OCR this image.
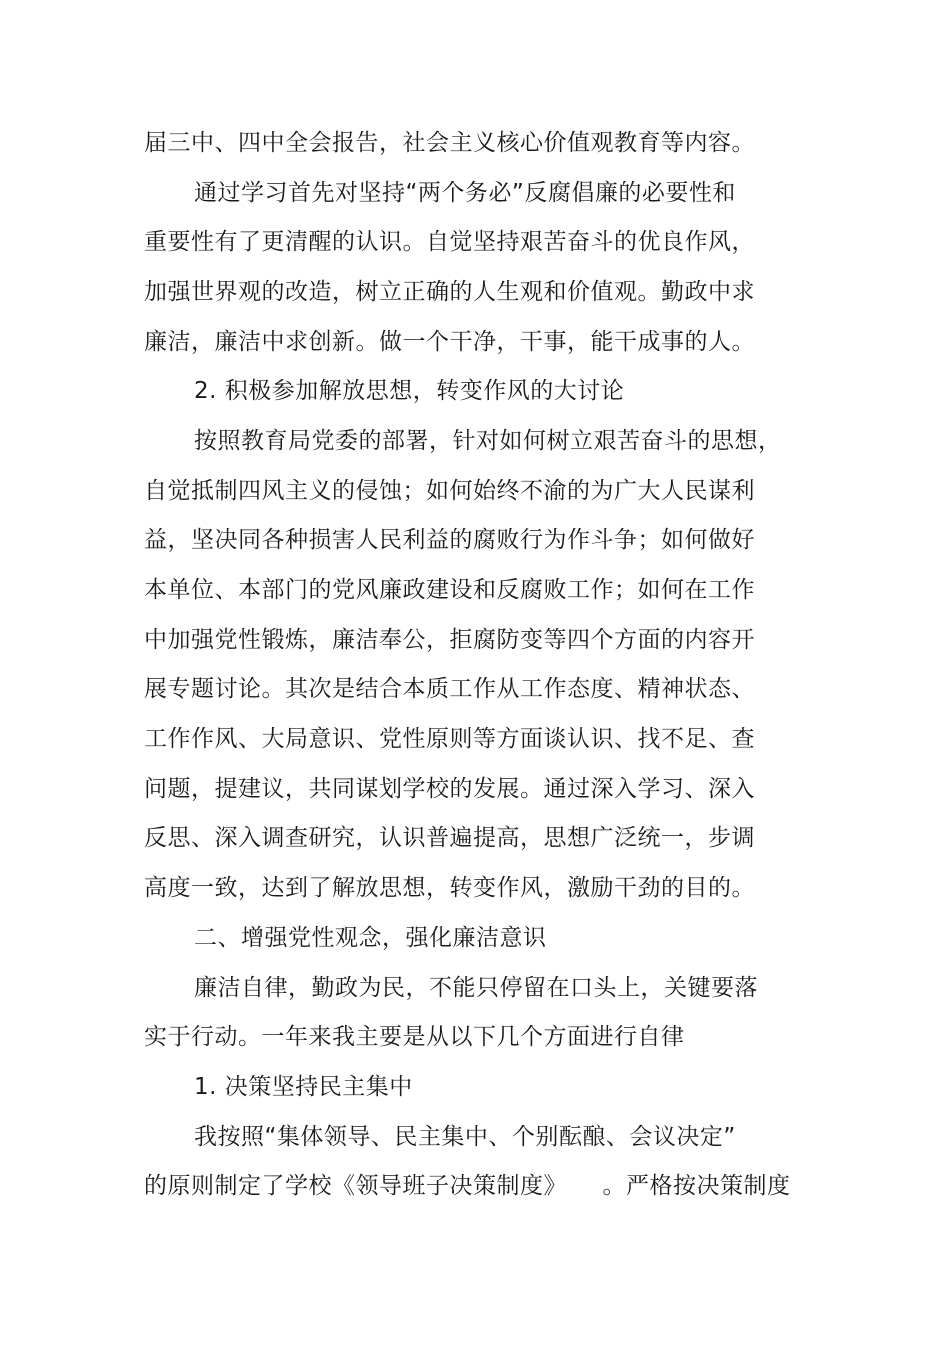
届三中、四中全会报告，社会主义核心价值观教育等内容。
通过学习首先对坚持“两个务必”反腐倡廉的必要性和
重要性有了更清醒的认识。自觉坚持艰苦奋斗的优良作风，
加强世界观的改造，树立正确的人生观和价值观。勤政中求
廉洁，廉洁中求创新。做一个干净，干事，能干成事的人。
2. 积极参加解放思想，转变作风的大讨论
按照教育局党委的部署，针对如何树立艰苦奋斗的思想，
自觉抵制四风主义的侵蚀；如何始终不渝的为广大人民谋利
益，坚决同各种损害人民利益的腐败行为作斗争；如何做好
本单位、本部门的党风廉政建设和反腐败工作；如何在工作
中加强党性锻炼，廉洁奉公，拒腐防变等四个方面的内容开
展专题讨论。其次是结合本质工作从工作态度、精神状态、
工作作风、大局意识、党性原则等方面谈认识、找不足、查
问题，提建议，共同谋划学校的发展。通过深入学习、深入
反思、深入调查研究，认识普遍提高，思想广泛统一，步调
高度一致，达到了解放思想，转变作风，激励干劲的目的。
二、增强党性观念，强化廉洁意识
廉洁自律，勤政为民，不能只停留在口头上，关键要落
实于行动。一年来我主要是从以下几个方面进行自律
1. 决策坚持民主集中
我按照“集体领导、民主集中、个别酝酿、会议决定”
的原则制定了学校《领导班子决策制度》　　。严格按决策制度
